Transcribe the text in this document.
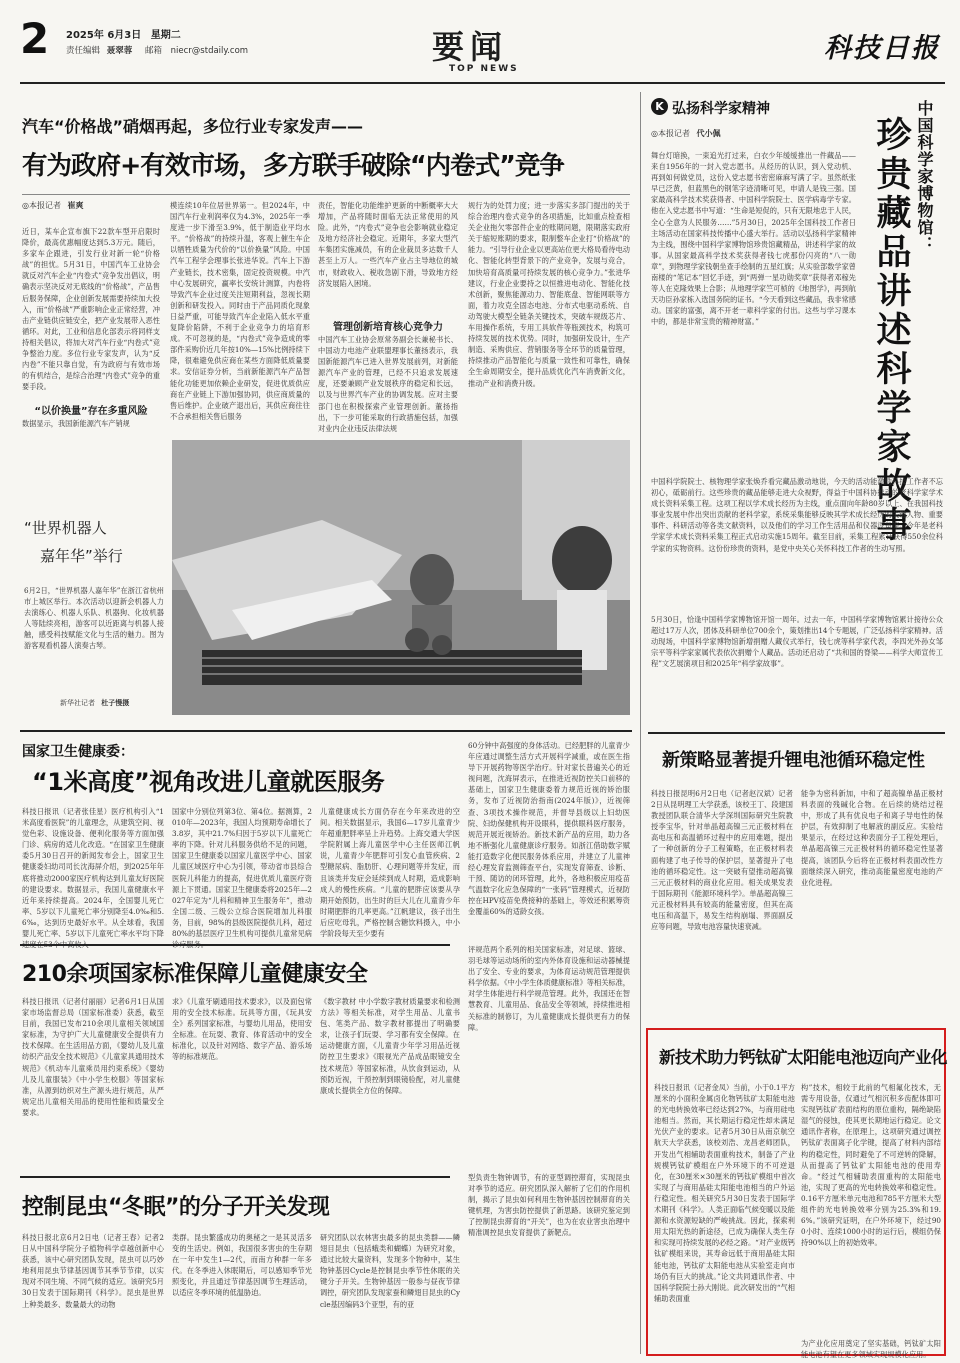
2 2025年 6月3日 星期二
责任编辑 聂翠蓉 邮箱 niecr@stdaily.com	要闻
TOP NEWS
科技日报
汽车“价格战”硝烟再起，多位行业专家发声——
有为政府+有效市场，多方联手破除“内卷式”竞争
◎本报记者 崔爽
近日，某车企宣布旗下22款车型开启限时降价，最高优惠幅度达到5.3万元。随后，多家车企跟进，引发行业对新一轮“价格战”的担忧。5月31日，中国汽车工业协会就反对汽车企业“内卷式”竞争发出倡议，明确表示坚决反对无底线的“价格战”，产品售后服务保障，企业创新发展需要持续加大投入，而“价格战”严重影响企业正常经营，冲击产业链供应链安全，把产业发展带入恶性循环。对此，工业和信息化部表示将同样支持相关倡议，将加大对汽车行业“内卷式”竞争整治力度。多位行业专家发声，认为“反内卷”不能只靠自觉，有为政府与有效市场的有机结合，是综合治理“内卷式”竞争的重要手段。
“以价换量”存在多重风险
数据显示，我国新能源汽车产销规
模连续10年位居世界第一。但2024年，中国汽车行业利润率仅为4.3%，2025年一季度进一步下滑至3.9%，低于制造业平均水平。“价格战”的持续升温，客观上催生车企以牺牲质量为代价的“以价换量”风险。中国汽车工程学会理事长张进华说。汽车上下游产业链长，技术密集，固定投资规模。中汽中心发展研究，赢率长安统计测算，内卷将导致汽车企业过度关注短期利益，忽视长期创新和研发投入。同时由于产品同质化现象日益严重，可能导致汽车企业陷入低水平重复降价陷阱，不利于企业竞争力的培育形成。不可忽视的是，“内卷式”竞争造成的零部件采购价近几年按10%—15%比例持续下降，很难避免供应商在某些方面降低质量要求。安信证券分析，当前新能源汽车产品智能化功能更加依赖企业研发，促进优质供应商在产业链上下游加强协同，供应商质量的售后维护。企业破产退出后，其供应商往往不合承担相关售后服务
责任，智能化功能维护更新的中断概率大大增加，产品将随时面临无法正常使用的风险。此外，“内卷式”竞争也会影响就业稳定及地方经济社会稳定。近期年，多家大型汽车集团实施减员，有的企业裁员多达数千人甚至上万人。一些汽车产业占主导地位的城市，财政收入、税收急剧下滑，导致地方经济发展陷入困境。
管理创新培育核心竞争力
中国汽车工业协会原常务副会长兼秘书长、中国动力电池产业联盟理事长董扬表示，我国新能源汽车已进入世界发展前列，对新能源汽车产业的管理，已经不只追求发展速度，还要兼顾产业发展秩序的稳定和长远，以及与世界汽车产业的协调发展。应对主要部门也在积极探索产业管理创新。董扬指出，下一步可能采取的行政措施包括，加强对业内企业违反法律法规
规行为的处罚力度；进一步落实多部门提出的关于综合治理内卷式竞争的各项措施，比如重点检查相关企业拖欠零部件企业的账期问题，限期落实政府关于缩短账期的要求，限制整车企业打“价格战”的能力。“引导行业企业以更高站位更大格局看待电动化、智能化转型背景下的产业竞争，发展与竞合，加快培育高质量可持续发展的核心竞争力。”张进华建议，行业企业要持之以恒推进电动化、智能化技术创新，聚焦能源动力、智能底盘、智能网联等方面，着力攻克全固态电池、分布式电驱动系统、自动驾驶大模型全链条关键技术，突破车规级芯片、车用操作系统，专用工具软件等瓶颈技术，构筑可持续发展的技术优势。同时，加强研发设计，生产制造、采购供应、营销服务等全环节的质量管理，持续推动产品智能化与质量一致性和可靠性，确保全生命周期安全，提升品质优化汽车消费新文化，推动产业和消费升级。
“世界机器人
嘉年华”举行
6月2日，“世界机器人嘉年华”在浙江省杭州市上城区举行。本次活动以迎新会机器人力去演练心、机器人乐队、机器狗、化妆机器人等陆续亮相，游客可以近距离与机器人接触，感受科技赋能文化与生活的魅力。图为游客观看机器人演奏古琴。
新华社记者 杜子慢摄
国家卫生健康委：
“1米高度”视角改进儿童就医服务
科技日报讯（记者张佳星）医疗机构引入“1米高度看医院”的儿童理念，从建筑空间、视觉色彩、设施设备、便利化服务等方面加强门诊、病房的适儿化改造。“在国家卫生健康委5月30日召开的新闻发布会上，国家卫生健康委妇幼司司长沈海屏介绍，到2025年年底将推动2000家医疗机构达到儿童友好医院的建设要求。数据显示，我国儿童健康水平近年来持续提高。2024年，全国婴儿死亡率、5岁以下儿童死亡率分别降至4.0‰和5.6‰，达到历史最好水平。从全球看，我国婴儿死亡率、5岁以下儿童死亡率水平均下降
国家中分别位列第3位、第4位。据测算，2010年—2023年，我国人均预期寿命增长了3.8岁，其中21.7%归因于5岁以下儿童死亡率的下降。针对儿科服务供给不足的问题，国家卫生健康委以国家儿童医学中心、国家儿童区域医疗中心为引领，带动省市县综合医院儿科能力的提高，促进优质儿童医疗资源上下贯通。国家卫生健康委将2025年—2027年定为“儿科和精神卫生服务年”，推动全国二级、三级公立综合医院增加儿科服务，目前，98%的县级医院提供儿科，超过80%的基层医疗卫生机构可提供儿童常见病
儿童健康成长方面仍存在今年来改进的空间。相关数据显示，我国6—17岁儿童青少年超重肥胖率呈上升趋势。上海交通大学医学院附属上海儿童医学中心主任医师江帆说，儿童青少年肥胖可引发心血管疾病、2型糖尿病、脂肪肝、心理问题等并发症，而且该类并发症会延续到成人时期，造成影响成人的慢性疾病。“儿童的肥胖应该要从孕期开始预防，出生时的巨大儿在儿童青少年时期肥胖的几率更高。”江帆建议，孩子出生后应吃母乳，严格控制含糖饮料摄入，中小学阶段每天至少要有
60分钟中高强度的身体活动。已经肥胖的儿童青少年应通过调整生活方式开展科学减重，或在医生指导下开展药物等医学治疗。针对家长普遍关心的近视问题，沈海屏表示，在推进近视防控关口前移的基础上，国家卫生健康委着力规范近视的矫治服务，发布了近视防治指南(2024年版)》，近视筛查、3项技术操作规范，并督导县级以上妇幼医院、妇幼保健机构开设眼科，提供眼科医疗服务，规范开展近视矫治。新技术新产品的应用，助力各地不断强化儿童健康诊疗服务。如浙江借助数字赋能打造数字化便民服务体系应用，并建立了儿童神经心理发育监测筛查平台，实现发育筛查、诊断、干预、随访的闭环管理，此外，各地积极应用疫苗气温数字化应急保障的“一张码”管理模式，近视防控在HPV疫苗免费接种的基础上，等效还积累筹资金覆盖60%的适龄女孩。
210余项国家标准保障儿童健康安全
科技日报讯（记者付丽丽）记者6月1日从国家市场监督总局（国家标准委）获悉，截至目前，我国已发布210余项儿童相关领域国家标准，为守护广大儿童健康安全提供有力技术保障。在生活用品方面，《婴幼儿及儿童纺织产品安全技术规范》《儿童家具通用技术规范》《机动车儿童乘员用约束系统》《婴幼儿及儿童服装》《中小学生校服》等国家标准，从源到纺织对生产源头进行规范，从严规定出儿童相关用品的使用性能和质量安全要求。
求》《儿童牙刷通用技术要求》，以及面包常用的安全技术标准。玩具等方面，《玩具安全》系列国家标准，与婴幼儿用品，使用安全标准。在玩耍、教育、体育活动中的安全标准化，以及针对网络、数字产品、游乐场等的标准规范。
《数字教材 中小学数字教材质量要求和检测方法》等相关标准，对学生用品、儿童书包、笔类产品、数字教材都提出了明确要求，让孩子们玩耍、学习都有安全保障。在运动健康方面，《儿童青少年学习用品近视防控卫生要求》《眼视光产品成品眼镜安全技术规范》等国家标准，从饮食到运动，从预防近视，干预控制到眼镜验配，对儿童健康成长提供全方位的保障。
评规范两个系列的相关国家标准，对足球、篮球、羽毛球等运动场所的室内外体育设施和运动器械提出了安全、专业的要求，为体育运动规范管理提供科学依据。《中小学生体质健康标准》等相关标准，对学生体能进行科学规范管理。此外，我国还在智慧教育、儿童用品、食品安全等领域，持续推进相关标准的制修订，为儿童健康成长提供更有力的保障。
控制昆虫“冬眠”的分子开关发现
科技日报北京6月2日电（记者王春）记者2日从中国科学院分子植物科学卓越创新中心获悉，该中心研究团队发现，昆虫可以巧妙地利用昆虫节律基因调节其季节节律，以实现对不同生境、不同气候的适应。该研究5月30日发表于国际期刊《科学》。昆虫是世界上种类最多、数量最大的动物
类群。昆虫繁盛成功的奥秘之一是其灵活多变的生活史。例如，我国很多害虫的生存期在一年中发生1—2代，而南方种群一年多代。在冬季进入休眠期后，可以感知季节光照变化，并且通过节律基因调节生理活动，以适应冬季环境的低温胁迫。
研究团队以农林害虫最多的昆虫类群——鳞翅目昆虫（包括蛾类和蝴蝶）为研究对象，通过比较大量资料，发现多个物种中，某生物钟基因Cycle是控制昆虫季节性休眠的关键分子开关。生物钟基因一般参与昼夜节律调控，研究团队发现家蚕和鳞翅目昆虫的Cycle基因编码3个亚型，有的亚
型负责生物钟调节，有的亚型调控滞育，实现昆虫对季节的适应。研究团队深入解析了它们的作用机制，揭示了昆虫如何利用生物钟基因控制滞育的关键机理，为害虫防控提供了新思路。该研究鉴定到了控制昆虫滞育的“开关”，也为在农业害虫治理中精准调控昆虫发育提供了新靶点。
K 弘扬科学家精神
◎本报记者 代小佩	中国科学家博物馆：
珍贵藏品讲述科学家故事
舞台灯暗换，一束追光打过来，白衣少年缓缓推出一件藏品——来自1956年的一封入党志愿书。从经历的认识，到入党动机、再到如何做党员，这份入党志愿书密密麻麻写满了字。虽然纸张早已泛黄，但蓝黑色的钢笔字迹清晰可见，申请人是钱三强。国家最高科学技术奖获得者、中国科学院院士、医学病毒学专家。他在入党志愿书中写道：“生命是短促的，只有无限地忠于人民，全心全意为人民服务……”5月30日，2025年全国科技工作者日主场活动在国家科技传播中心盛大举行。活动以弘扬科学家精神为主线，围绕中国科学家博物馆珍贵馆藏精品，讲述科学家的故事。从国家最高科学技术奖获得者钱七虎那份闪亮的“八一勋章”，到物理学家钱朝坐查手绘制的五星红旗；从实验部数学家曾南楼的“笔记本”回忆手迹，到“两弹一星功勋奖章”获得者邓稼先等人在克隆效果上合影；从地理学家竺可桢的《地图学》，再到航天功臣孙家栋入选国务院的证书。“今天看到这些藏品，我非常感动。国家的富强，离不开老一辈科学家的付出。这些与学习课本中的，都是非常宝贵的精神财富。”
中国科学院院士、核物理学家张焕乔看完藏品激动地说，今天的活动能激励科技工作者不忘初心，砥砺前行。这些珍贵的藏品能够走进大众视野，得益于中国科协推动的老科学家学术成长资料采集工程。这项工程以学术成长经历为主线，重点面向年龄80岁以上、在我国科技事业发展中作出突出贡献的老科学家，系统采集能够反映其学术成长经历的关键人物、重要事件、科研活动等各类文献资料，以及他们的学习工作生活用品和仪器设备等。今年是老科学家学术成长资料采集工程正式启动实施15周年。截至目前，采集工程累计获得550余位科学家的实物资料。这份份珍贵的资料，是党中央关心关怀科技工作者的生动写照。
5月30日，恰逢中国科学家博物馆开馆一周年。过去一年，中国科学家博物馆累计接待公众超过17万人次，团体及科研单位700余个，策划推出14个专题展，广泛弘扬科学家精神。活动现场，中国科学家博物馆新增捐赠人藏仪式举行，钱七虎等科学家代表，李四光外孙女邹宗平等科学家家属代表依次捐赠个人藏品。活动还启动了“共和国的脊梁——科学大师宣传工程”文艺展演项目和2025年“科学家故事”。
新策略显著提升锂电池循环稳定性
科技日报昆明6月2日电（记者赵汉斌）记者2日从昆明理工大学获悉，该校王丁、段建国教授团队联合清华大学深圳国际研究生院教授李宝华，针对单晶超高镍三元正极材料在高电压和高温循环过程中的应用难题，提出了一种创新的分子工程策略，在正极材料表面构建了电子传导的保护层，显著提升了电池的循环稳定性。这一突破有望推动超高镍三元正极材料的商业化应用。相关成果发表于国际期刊《能源环境科学》。单晶超高镍三元正极材料具有较高的能量密度，但其在高电压和高温下，易发生结构崩塌、界面副反应等问题，导致电池容量快速衰减。
能争为密科新加，中和了超高镍单晶正极材料表面的残碱化合物。在后续的烧结过程中，形成了具有优良电子和离子导电性的保护层，有效抑制了电解液的副反应。实验结果显示，在经过这种表面分子工程处理后，单晶超高镍三元正极材料的循环稳定性显著提高，该团队今后将在正极材料表面改性方面继续深入研究，推动高能量密度电池的产业化进程。
新技术助力钙钛矿太阳能电池迈向产业化
科技日报讯（记者金凤）当前，小于0.1平方厘米的小面积金属卤化物钙钛矿太阳能电池的光电转换效率已经达到27%，与商用硅电池相当。然而，其长期运行稳定性却未满足光伏产业的要求。记者5月30日从南京航空航天大学获悉，该校刘浩、龙昌老师团队，开发出气相辅助表面重构技术，制备了产业规模钙钛矿模组在户外环境下的不可逆退化，在30厘米×30厘米的钙钛矿模组中首次实现了与商用晶硅太阳能电池相当的户外运行稳定性。相关研究5月30日发表于国际学术期刊《科学》。人类正面临气候变暖以及能源和水资源短缺的严峻挑战。因此，探索利用太阳光热的新途径，已成为确保人类生存和实现可持续发展的必经之路。“对产业级钙钛矿模组来说，其寿命远低于商用晶硅太阳能电池，钙钛矿太阳能电池从实验室走向市场仍有巨大的挑战。”论文共同通讯作者、中国科学院院士孙大刚说。此次研发出的“气相辅助表面重
构”技术，相较于此前的气相氟化技术，无需专用设备，仅通过气相沉积多齿配体即可实现钙钛矿表面结构的原位重构，隔绝缺陷湿气的侵蚀，使其更长期地运行稳定。论文通讯作者称，在原理上，这项研究通过调控钙钛矿表面离子化学键，提高了材料内部结构的稳定性，同时避免了不可逆转的降解，从而提高了钙钛矿太阳能电池的使用寿命。“经过气相辅助表面重构的太阳能电池，实现了更高的光电转换效率和稳定性。0.16平方厘米单元电池和785平方厘米大型组件的光电转换效率分别为25.3%和19.6%。”该研究证明，在户外环境下，经过900小时、连续1000小时的运行后，模组仍保持90%以上的初始效率。
为产业化应用奠定了坚实基础，钙钛矿太阳能电池有望在更多领域实现规模化应用。
